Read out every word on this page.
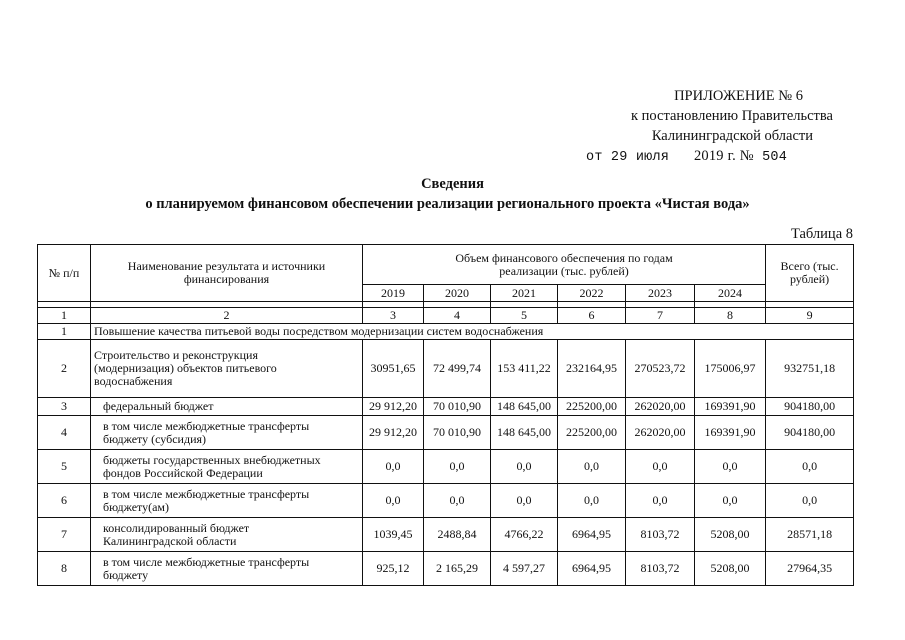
ПРИЛОЖЕНИЕ № 6
к постановлению Правительства
Калининградской области
от 29 июля 2019 г. № 504
Сведения
о планируемом финансовом обеспечении реализации регионального проекта «Чистая вода»
Таблица 8
№ п/п	Наименование результата и источники финансирования	Объем финансового обеспечения по годам реализации (тыс. рублей)						Всего (тыс. рублей)
		2019	2020	2021	2022	2023	2024	

1	2	3	4	5	6	7	8	9
1	Повышение качества питьевой воды посредством модернизации систем водоснабжения							
2	Строительство и реконструкция (модернизация) объектов питьевого водоснабжения	30951,65	72 499,74	153 411,22	232164,95	270523,72	175006,97	932751,18
3	федеральный бюджет	29 912,20	70 010,90	148 645,00	225200,00	262020,00	169391,90	904180,00
4	в том числе межбюджетные трансферты бюджету (субсидия)	29 912,20	70 010,90	148 645,00	225200,00	262020,00	169391,90	904180,00
5	бюджеты государственных внебюджетных фондов Российской Федерации	0,0	0,0	0,0	0,0	0,0	0,0	0,0
6	в том числе межбюджетные трансферты бюджету(ам)	0,0	0,0	0,0	0,0	0,0	0,0	0,0
7	консолидированный бюджет Калининградской области	1039,45	2488,84	4766,22	6964,95	8103,72	5208,00	28571,18
8	в том числе межбюджетные трансферты бюджету	925,12	2 165,29	4 597,27	6964,95	8103,72	5208,00	27964,35
